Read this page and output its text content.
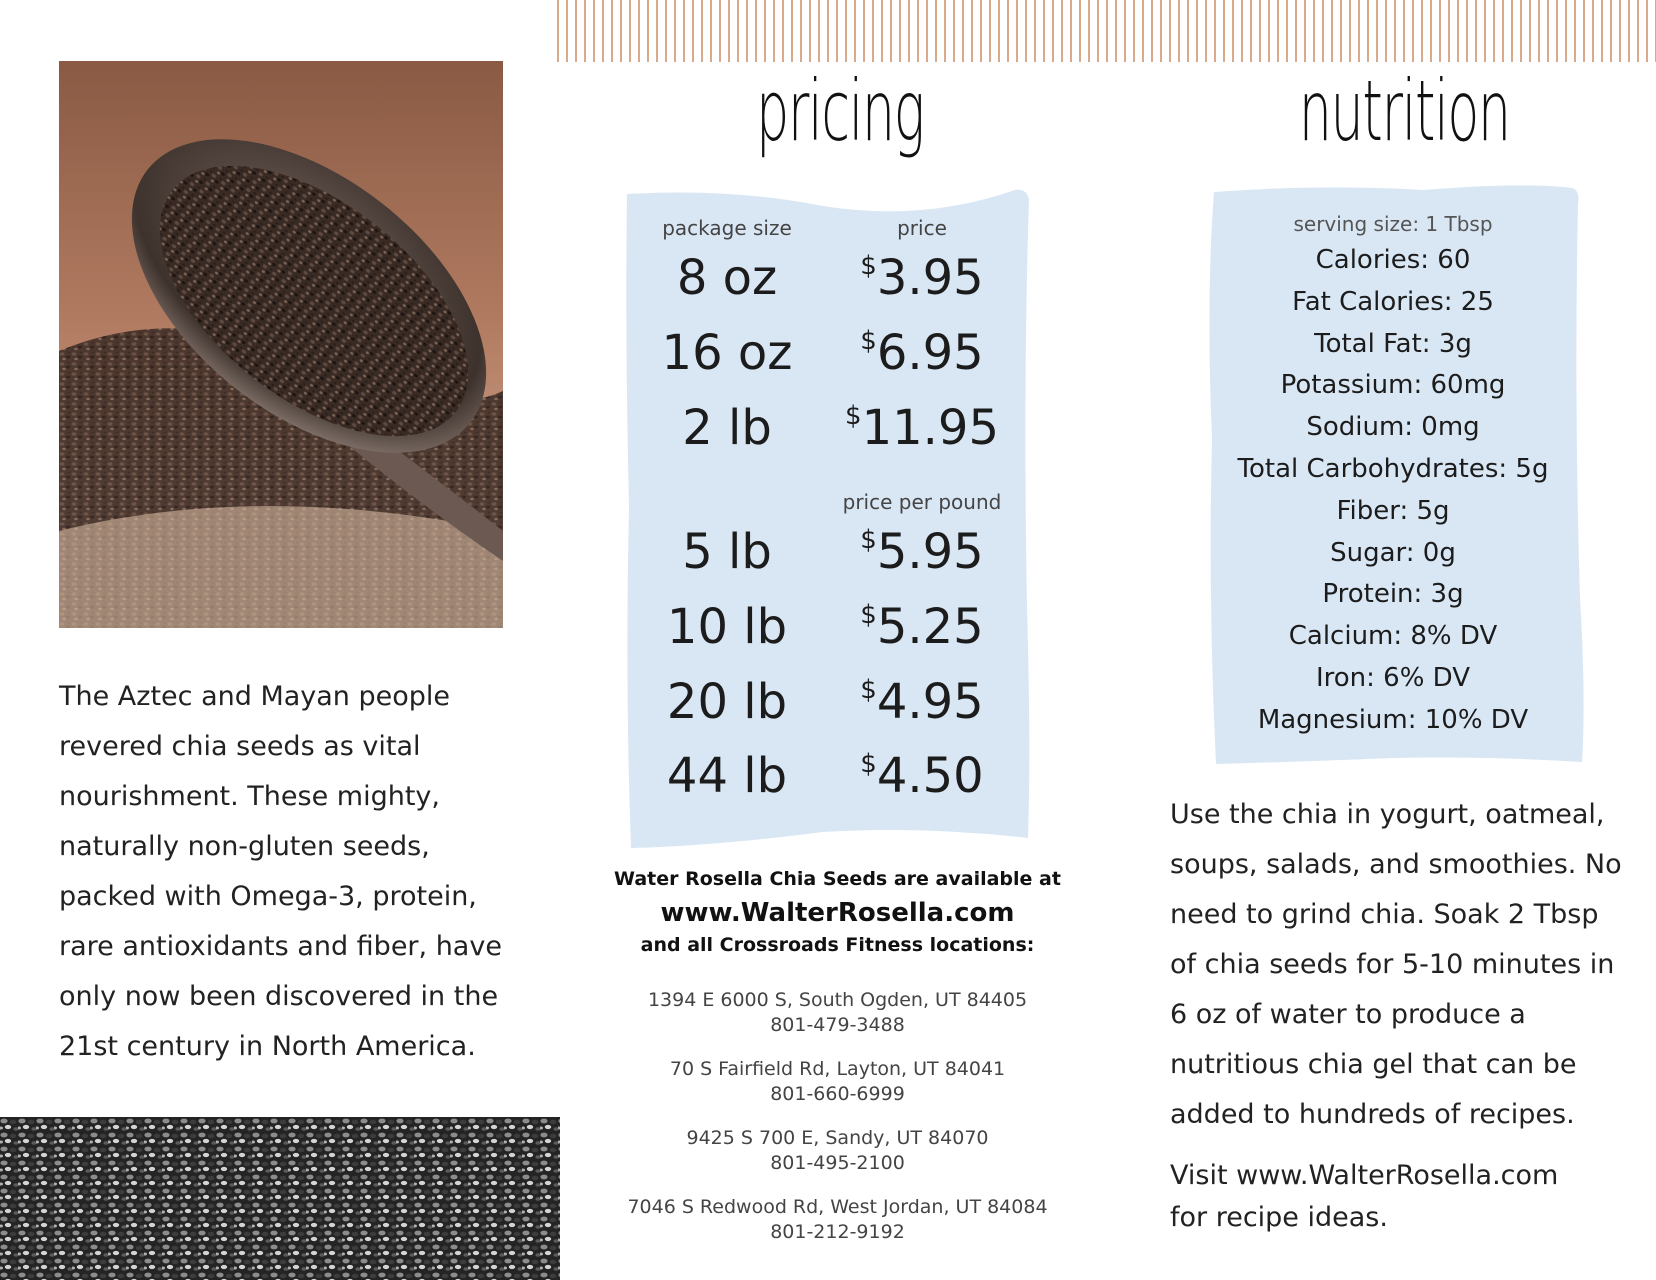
The Aztec and Mayan people revered chia seeds as vital nourishment. These mighty, naturally non-gluten seeds, packed with Omega-3, protein, rare antioxidants and fiber, have only now been discovered in the 21st century in North America.
pricing
package size	price
8 oz	$3.95
16 oz	$6.95
2 lb	$11.95
price per pound
5 lb	$5.95
10 lb	$5.25
20 lb	$4.95
44 lb	$4.50
Water Rosella Chia Seeds are available at
www.WalterRosella.com
and all Crossroads Fitness locations:
1394 E 6000 S, South Ogden, UT 84405
801-479-3488
70 S Fairfield Rd, Layton, UT 84041
801-660-6999
9425 S 700 E, Sandy, UT 84070
801-495-2100
7046 S Redwood Rd, West Jordan, UT 84084
801-212-9192
nutrition
serving size: 1 Tbsp
Calories: 60
Fat Calories: 25
Total Fat: 3g
Potassium: 60mg
Sodium: 0mg
Total Carbohydrates: 5g
Fiber: 5g
Sugar: 0g
Protein: 3g
Calcium: 8% DV
Iron: 6% DV
Magnesium: 10% DV
Use the chia in yogurt, oatmeal, soups, salads, and smoothies. No need to grind chia. Soak 2 Tbsp of chia seeds for 5-10 minutes in 6 oz of water to produce a nutritious chia gel that can be added to hundreds of recipes.
Visit www.WalterRosella.com
for recipe ideas.
